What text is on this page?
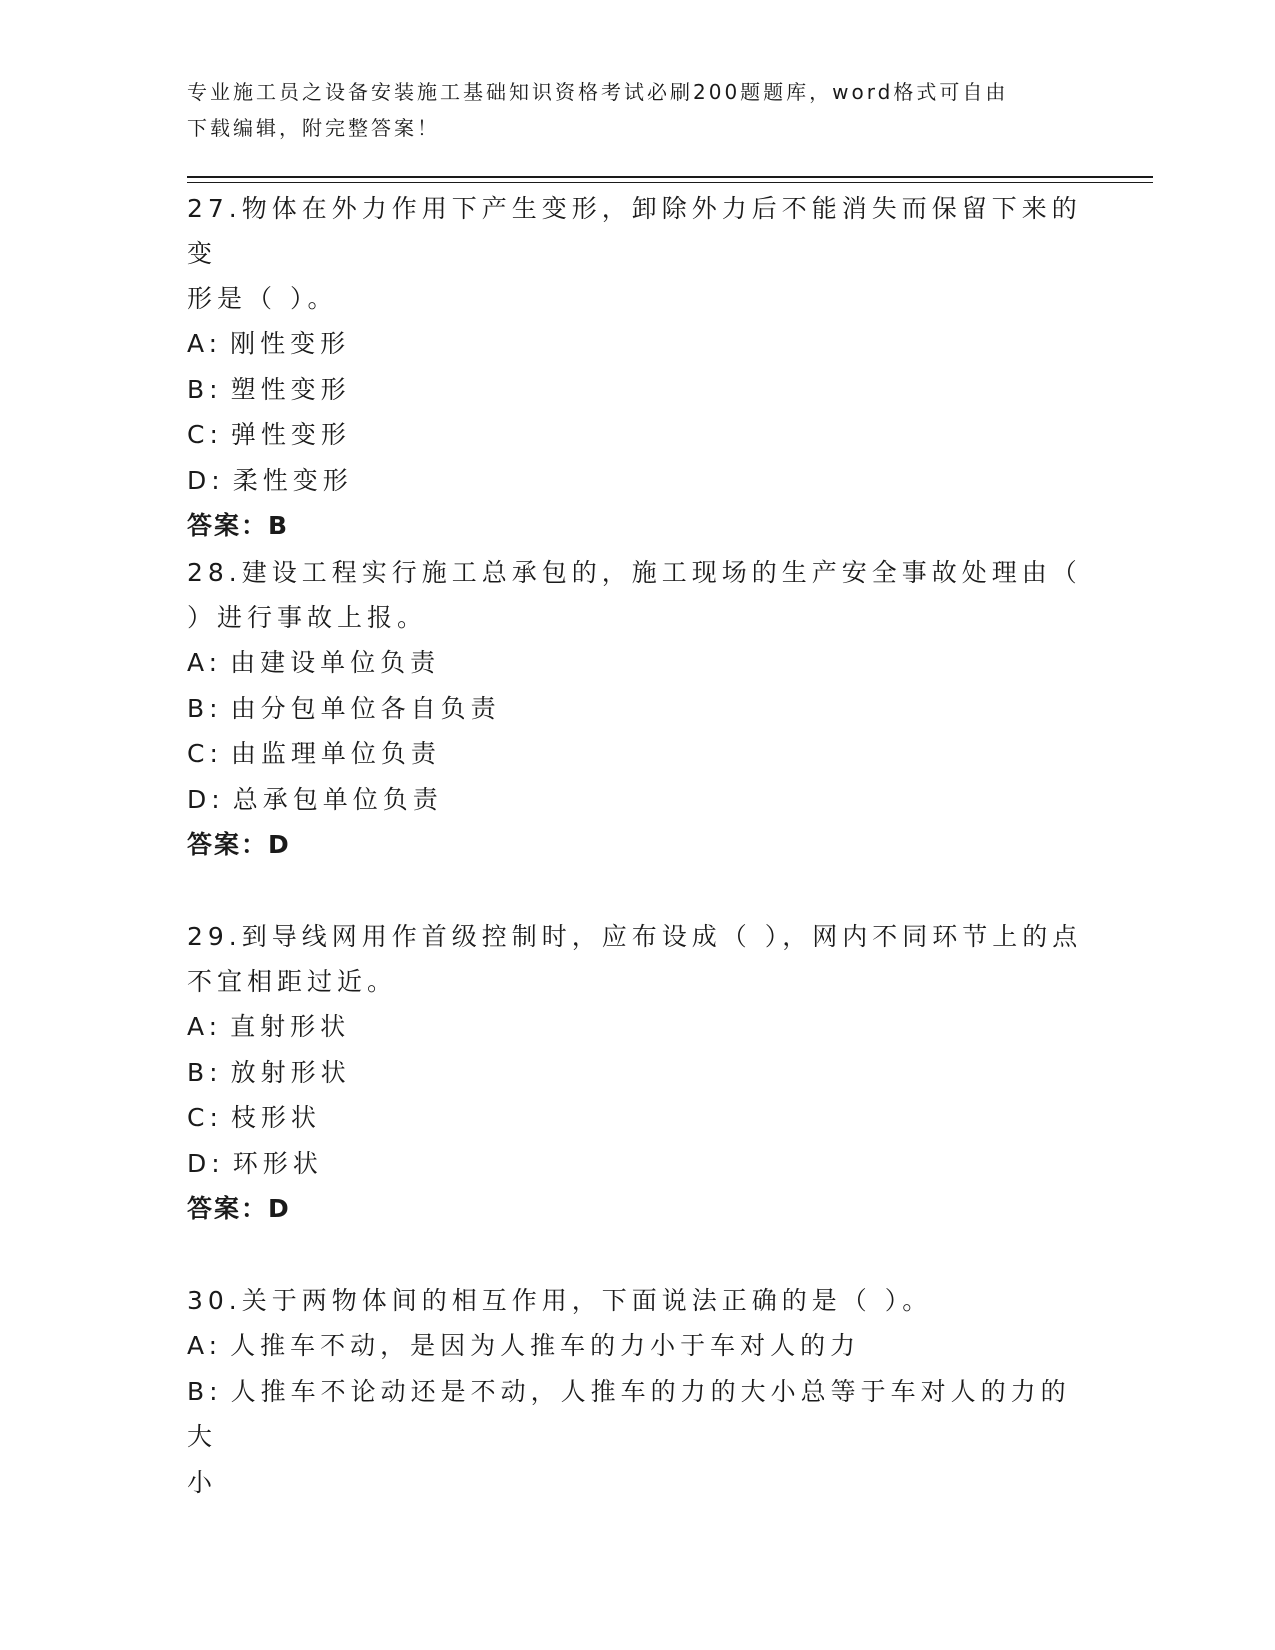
专业施工员之设备安装施工基础知识资格考试必刷200题题库，word格式可自由
下载编辑，附完整答案！

27.物体在外力作用下产生变形，卸除外力后不能消失而保留下来的变

形是（ ）。

A: 刚性变形

B: 塑性变形

C: 弹性变形

D: 柔性变形

答案：B

28.建设工程实行施工总承包的，施工现场的生产安全事故处理由（

）进行事故上报。

A: 由建设单位负责

B: 由分包单位各自负责

C: 由监理单位负责

D: 总承包单位负责

答案：D

29.到导线网用作首级控制时，应布设成（ ），网内不同环节上的点

不宜相距过近。

A: 直射形状

B: 放射形状

C: 枝形状

D: 环形状

答案：D

30.关于两物体间的相互作用，下面说法正确的是（ ）。

A: 人推车不动，是因为人推车的力小于车对人的力

B: 人推车不论动还是不动，人推车的力的大小总等于车对人的力的大

小
